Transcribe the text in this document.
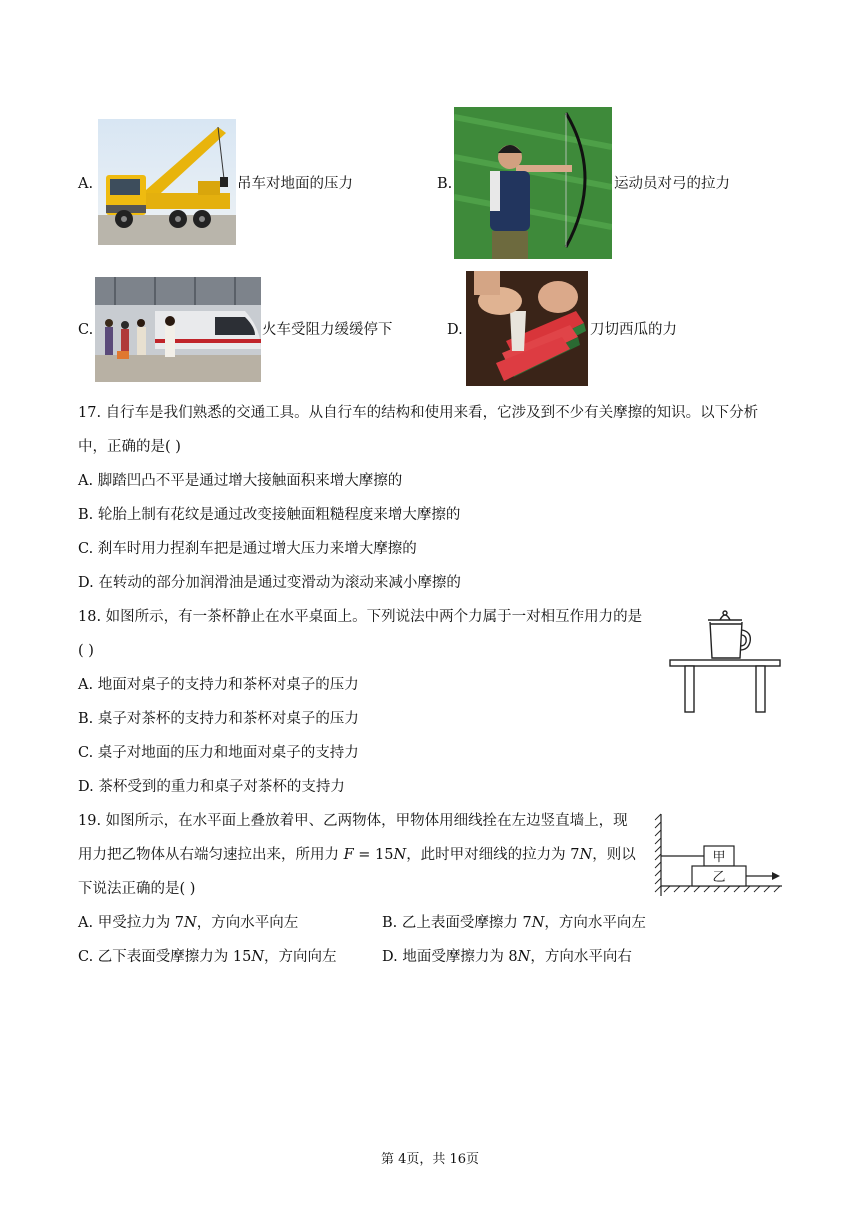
A.	吊车对地面的压力	B.	运动员对弓的拉力
C.	火车受阻力缓缓停下	D.	刀切西瓜的力
17. 自行车是我们熟悉的交通工具。从自行车的结构和使用来看，它涉及到不少有关摩擦的知识。以下分析
中，正确的是( )
A. 脚踏凹凸不平是通过增大接触面积来增大摩擦的
B. 轮胎上制有花纹是通过改变接触面粗糙程度来增大摩擦的
C. 刹车时用力捏刹车把是通过增大压力来增大摩擦的
D. 在转动的部分加润滑油是通过变滑动为滚动来减小摩擦的
18. 如图所示，有一茶杯静止在水平桌面上。下列说法中两个力属于一对相互作用力的是
( )
A. 地面对桌子的支持力和茶杯对桌子的压力
B. 桌子对茶杯的支持力和茶杯对桌子的压力
C. 桌子对地面的压力和地面对桌子的支持力
D. 茶杯受到的重力和桌子对茶杯的支持力
19. 如图所示，在水平面上叠放着甲、乙两物体，甲物体用细线拴在左边竖直墙上，现
用力把乙物体从右端匀速拉出来，所用力 F = 15N，此时甲对细线的拉力为 7N，则以
下说法正确的是( )
A. 甲受拉力为 7N，方向水平向左	B. 乙上表面受摩擦力 7N，方向水平向左
C. 乙下表面受摩擦力为 15N，方向向左	D. 地面受摩擦力为 8N，方向水平向右
甲
乙
第 4页，共 16页
